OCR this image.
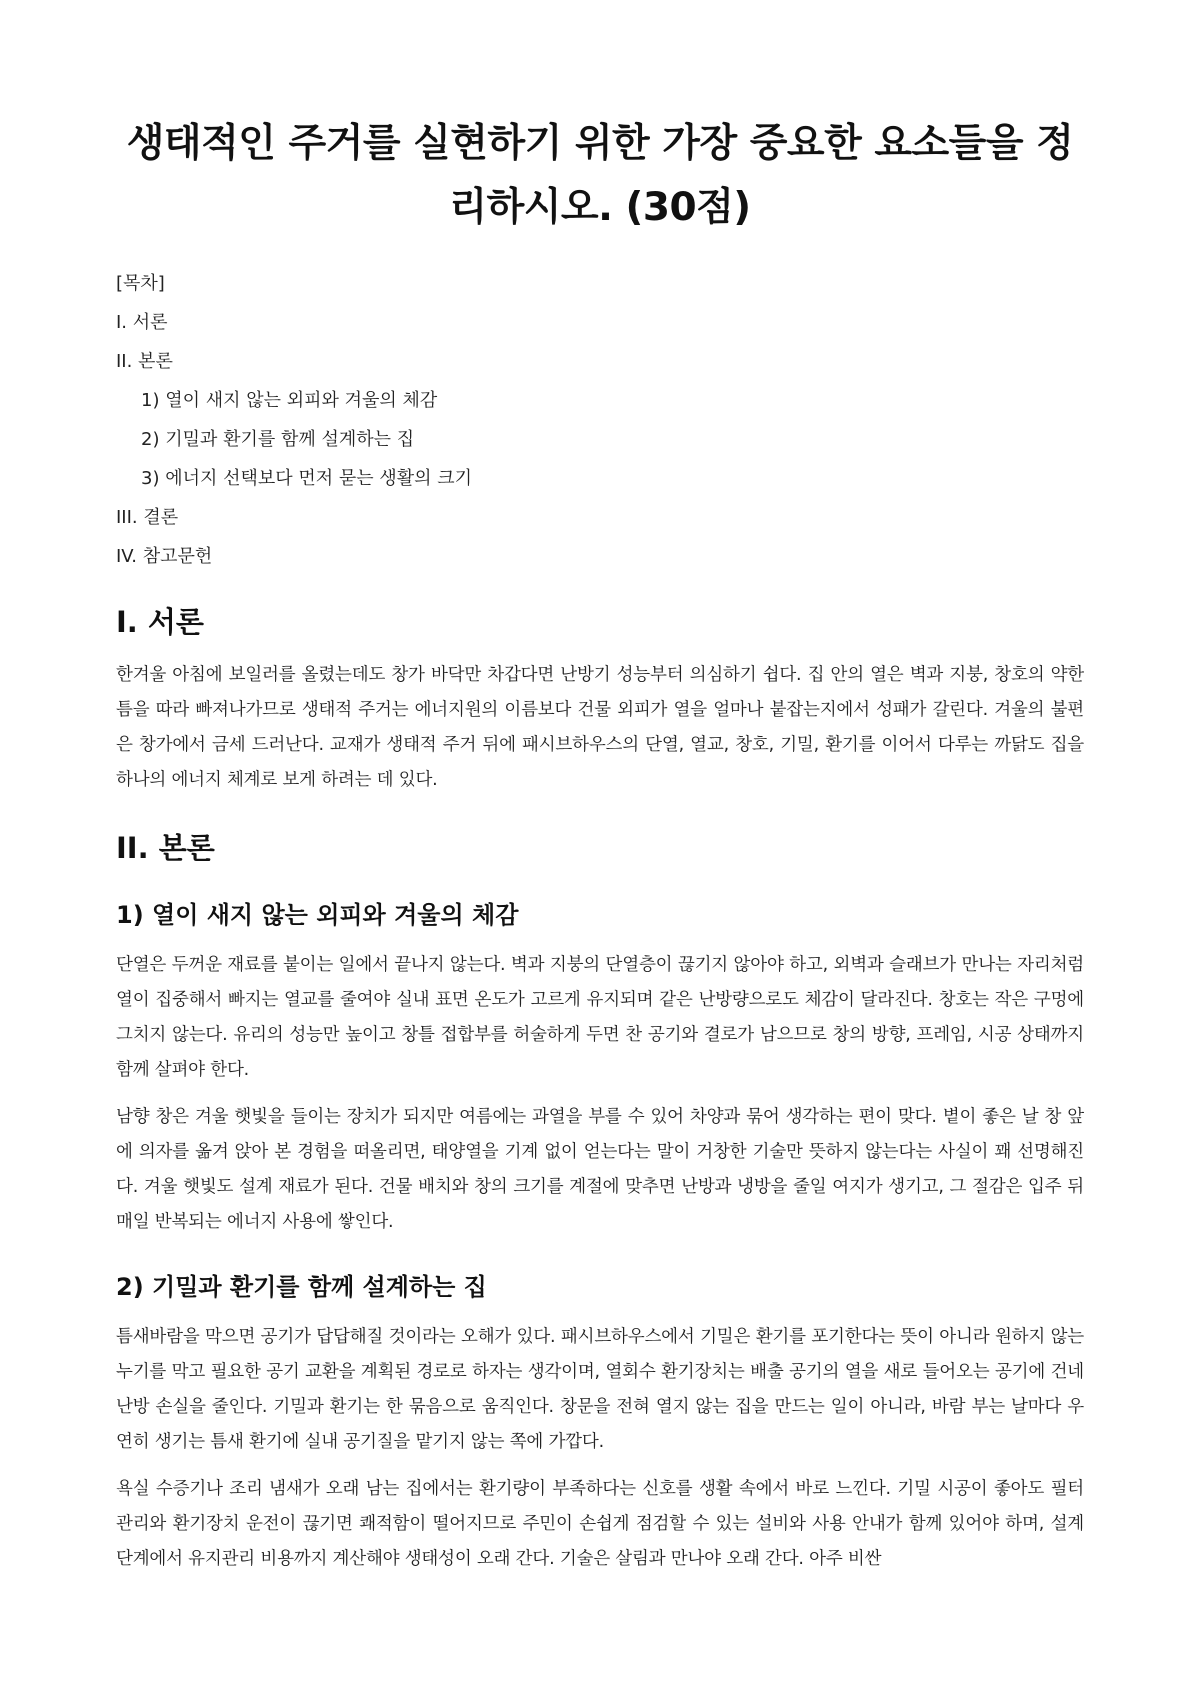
생태적인 주거를 실현하기 위한 가장 중요한 요소들을 정리하시오. (30점)
[목차]
I. 서론
II. 본론
1) 열이 새지 않는 외피와 겨울의 체감
2) 기밀과 환기를 함께 설계하는 집
3) 에너지 선택보다 먼저 묻는 생활의 크기
III. 결론
IV. 참고문헌
I. 서론

한겨울 아침에 보일러를 올렸는데도 창가 바닥만 차갑다면 난방기 성능부터 의심하기 쉽다. 집 안의 열은 벽과 지붕, 창호의 약한 틈을 따라 빠져나가므로 생태적 주거는 에너지원의 이름보다 건물 외피가 열을 얼마나 붙잡는지에서 성패가 갈린다. 겨울의 불편은 창가에서 금세 드러난다. 교재가 생태적 주거 뒤에 패시브하우스의 단열, 열교, 창호, 기밀, 환기를 이어서 다루는 까닭도 집을 하나의 에너지 체계로 보게 하려는 데 있다.

II. 본론
1) 열이 새지 않는 외피와 겨울의 체감

단열은 두꺼운 재료를 붙이는 일에서 끝나지 않는다. 벽과 지붕의 단열층이 끊기지 않아야 하고, 외벽과 슬래브가 만나는 자리처럼 열이 집중해서 빠지는 열교를 줄여야 실내 표면 온도가 고르게 유지되며 같은 난방량으로도 체감이 달라진다. 창호는 작은 구멍에 그치지 않는다. 유리의 성능만 높이고 창틀 접합부를 허술하게 두면 찬 공기와 결로가 남으므로 창의 방향, 프레임, 시공 상태까지 함께 살펴야 한다.

남향 창은 겨울 햇빛을 들이는 장치가 되지만 여름에는 과열을 부를 수 있어 차양과 묶어 생각하는 편이 맞다. 볕이 좋은 날 창 앞에 의자를 옮겨 앉아 본 경험을 떠올리면, 태양열을 기계 없이 얻는다는 말이 거창한 기술만 뜻하지 않는다는 사실이 꽤 선명해진다. 겨울 햇빛도 설계 재료가 된다. 건물 배치와 창의 크기를 계절에 맞추면 난방과 냉방을 줄일 여지가 생기고, 그 절감은 입주 뒤 매일 반복되는 에너지 사용에 쌓인다.

2) 기밀과 환기를 함께 설계하는 집

틈새바람을 막으면 공기가 답답해질 것이라는 오해가 있다. 패시브하우스에서 기밀은 환기를 포기한다는 뜻이 아니라 원하지 않는 누기를 막고 필요한 공기 교환을 계획된 경로로 하자는 생각이며, 열회수 환기장치는 배출 공기의 열을 새로 들어오는 공기에 건네 난방 손실을 줄인다. 기밀과 환기는 한 묶음으로 움직인다. 창문을 전혀 열지 않는 집을 만드는 일이 아니라, 바람 부는 날마다 우연히 생기는 틈새 환기에 실내 공기질을 맡기지 않는 쪽에 가깝다.

욕실 수증기나 조리 냄새가 오래 남는 집에서는 환기량이 부족하다는 신호를 생활 속에서 바로 느낀다. 기밀 시공이 좋아도 필터 관리와 환기장치 운전이 끊기면 쾌적함이 떨어지므로 주민이 손쉽게 점검할 수 있는 설비와 사용 안내가 함께 있어야 하며, 설계 단계에서 유지관리 비용까지 계산해야 생태성이 오래 간다. 기술은 살림과 만나야 오래 간다. 아주 비싼
